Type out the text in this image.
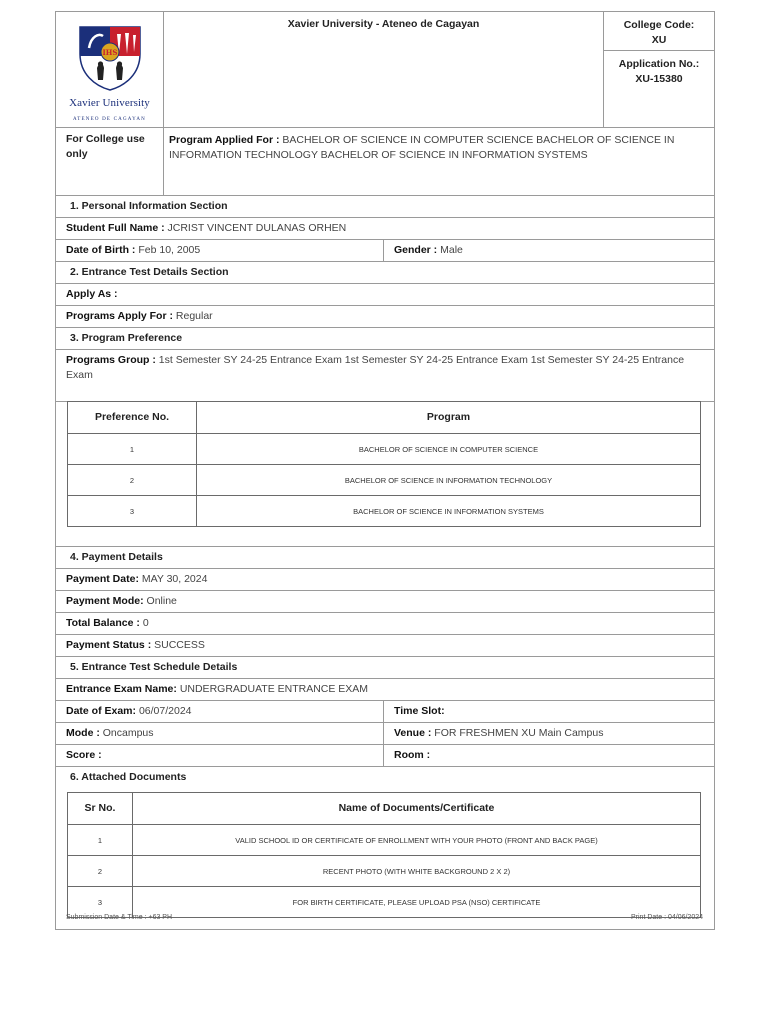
IHS
Xavier University
ATENEO DE CAGAYAN
Xavier University - Ateneo de Cagayan	College Code:
XU
Application No.:
XU-15380
For College use only
Program Applied For : BACHELOR OF SCIENCE IN COMPUTER SCIENCE BACHELOR OF SCIENCE IN INFORMATION TECHNOLOGY BACHELOR OF SCIENCE IN INFORMATION SYSTEMS
1. Personal Information Section
Student Full Name : JCRIST VINCENT DULANAS ORHEN
Date of Birth : Feb 10, 2005	Gender : Male
2. Entrance Test Details Section
Apply As :
Programs Apply For : Regular
3. Program Preference
Programs Group : 1st Semester SY 24-25 Entrance Exam 1st Semester SY 24-25 Entrance Exam 1st Semester SY 24-25 Entrance Exam
Preference No.	Program
1	BACHELOR OF SCIENCE IN COMPUTER SCIENCE
2	BACHELOR OF SCIENCE IN INFORMATION TECHNOLOGY
3	BACHELOR OF SCIENCE IN INFORMATION SYSTEMS
4. Payment Details
Payment Date: MAY 30, 2024
Payment Mode: Online
Total Balance : 0
Payment Status : SUCCESS
5. Entrance Test Schedule Details
Entrance Exam Name: UNDERGRADUATE ENTRANCE EXAM
Date of Exam: 06/07/2024	Time Slot:
Mode : Oncampus	Venue : FOR FRESHMEN XU Main Campus
Score :	Room :
6. Attached Documents
Sr No.	Name of Documents/Certificate
1	VALID SCHOOL ID OR CERTIFICATE OF ENROLLMENT WITH YOUR PHOTO (FRONT AND BACK PAGE)
2	RECENT PHOTO (WITH WHITE BACKGROUND 2 X 2)
3	FOR BIRTH CERTIFICATE, PLEASE UPLOAD PSA (NSO) CERTIFICATE
Submission Date & Time : +63 PH	Print Date : 04/06/2024
